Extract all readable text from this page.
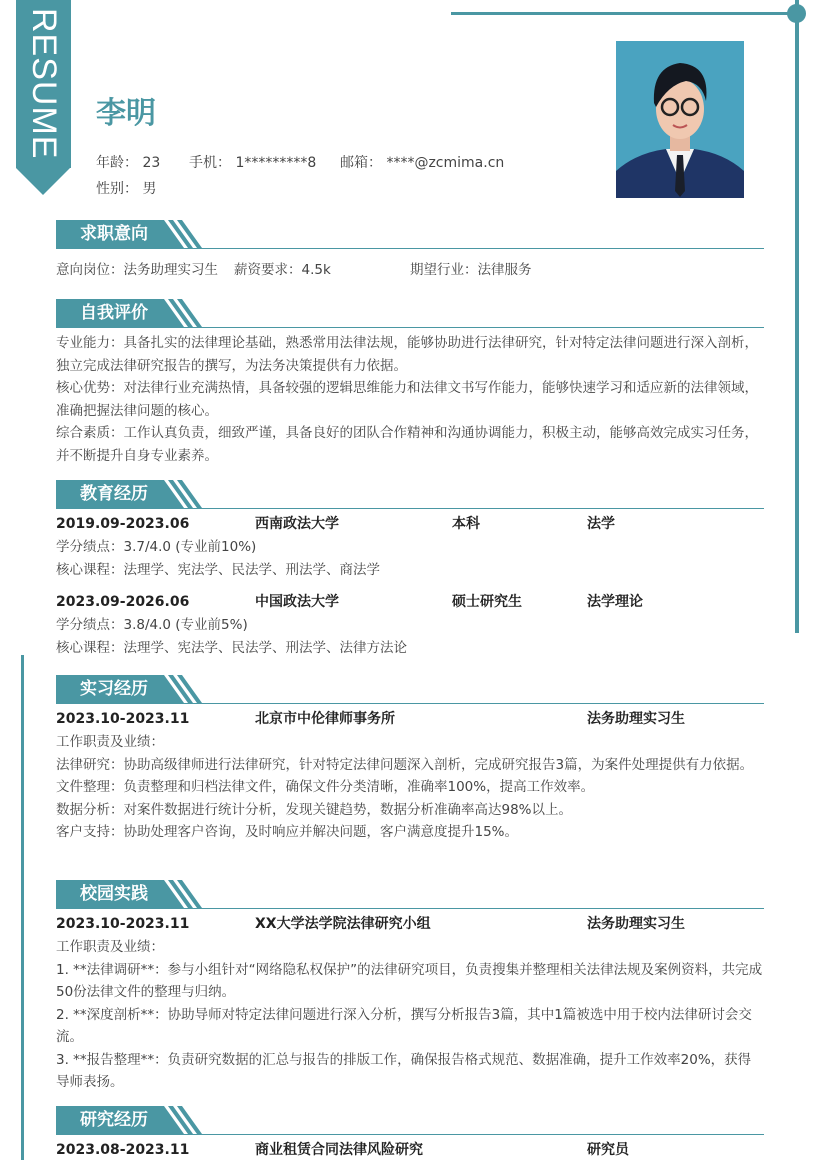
RESUME 李明
年龄： 23 手机： 1*********8 邮箱： ****@zcmima.cn
性别： 男
求职意向
意向岗位：法务助理实习生 薪资要求：4.5k	期望行业：法律服务
自我评价
专业能力：具备扎实的法律理论基础，熟悉常用法律法规，能够协助进行法律研究，针对特定法律问题进行深入剖析，独立完成法律研究报告的撰写，为法务决策提供有力依据。
核心优势：对法律行业充满热情，具备较强的逻辑思维能力和法律文书写作能力，能够快速学习和适应新的法律领域，准确把握法律问题的核心。
综合素质：工作认真负责，细致严谨，具备良好的团队合作精神和沟通协调能力，积极主动，能够高效完成实习任务，并不断提升自身专业素养。
教育经历
2019.09-2023.06	西南政法大学	本科	法学
学分绩点：3.7/4.0 (专业前10%)
核心课程：法理学、宪法学、民法学、刑法学、商法学
2023.09-2026.06	中国政法大学	硕士研究生	法学理论
学分绩点：3.8/4.0 (专业前5%)
核心课程：法理学、宪法学、民法学、刑法学、法律方法论
实习经历
2023.10-2023.11	北京市中伦律师事务所	法务助理实习生
工作职责及业绩：
法律研究：协助高级律师进行法律研究，针对特定法律问题深入剖析，完成研究报告3篇，为案件处理提供有力依据。
文件整理：负责整理和归档法律文件，确保文件分类清晰，准确率100%，提高工作效率。
数据分析：对案件数据进行统计分析，发现关键趋势，数据分析准确率高达98%以上。
客户支持：协助处理客户咨询，及时响应并解决问题，客户满意度提升15%。
校园实践
2023.10-2023.11	XX大学法学院法律研究小组	法务助理实习生
工作职责及业绩：
1. **法律调研**：参与小组针对“网络隐私权保护”的法律研究项目，负责搜集并整理相关法律法规及案例资料，共完成50份法律文件的整理与归纳。
2. **深度剖析**：协助导师对特定法律问题进行深入分析，撰写分析报告3篇，其中1篇被选中用于校内法律研讨会交流。
3. **报告整理**：负责研究数据的汇总与报告的排版工作，确保报告格式规范、数据准确，提升工作效率20%，获得导师表扬。
研究经历
2023.08-2023.11	商业租赁合同法律风险研究	研究员
